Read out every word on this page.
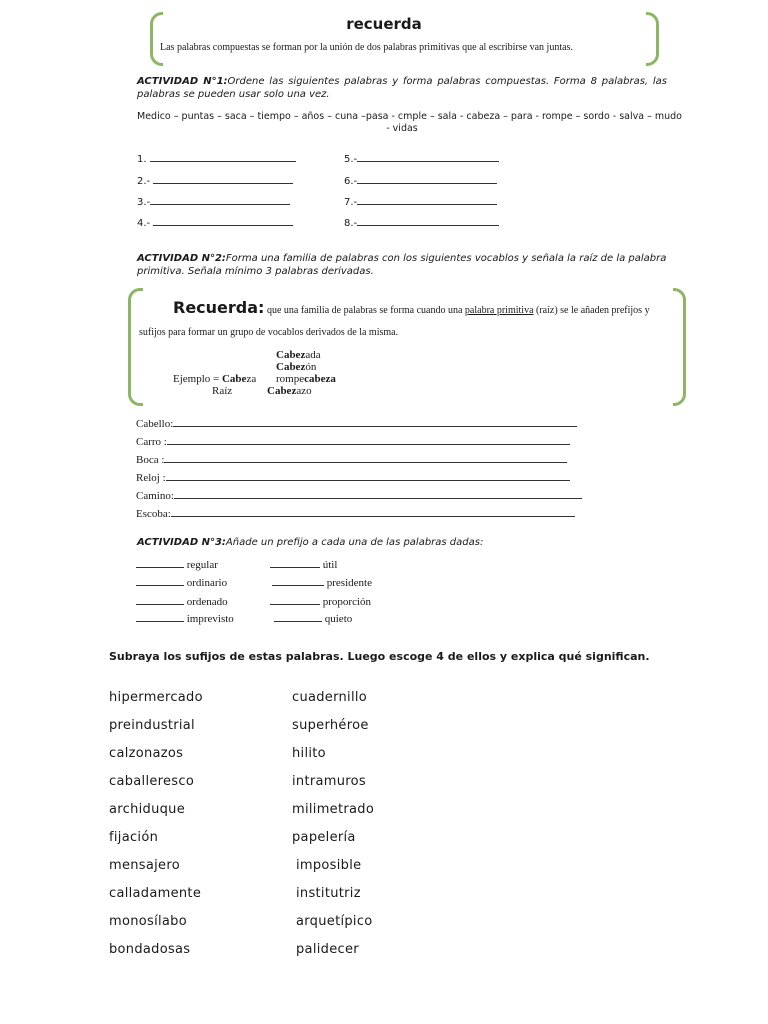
recuerda
Las palabras compuestas se forman por la unión de dos palabras primitivas que al escribirse van juntas.
ACTIVIDAD N°1:Ordene las siguientes palabras y forma palabras compuestas. Forma 8 palabras, las palabras se pueden usar solo una vez.
Medico – puntas – saca – tiempo – años – cuna –pasa - cmple – sala - cabeza – para - rompe – sordo - salva – mudo
- vidas
1.
2.-
3.-
4.-
5.-
6.-
7.-
8.-
ACTIVIDAD N°2:Forma una familia de palabras con los siguientes vocablos y señala la raíz de la palabra primitiva. Señala mínimo 3 palabras derivadas.
Recuerda: que una familia de palabras se forma cuando una palabra primitiva (raíz) se le añaden prefijos y
sufijos para formar un grupo de vocablos derivados de la misma.
Cabezada
Cabezón
Ejemplo = Cabeza rompecabeza
Raíz	Cabezazo
Cabello:
Carro :
Boca :
Reloj :
Camino:
Escoba:
ACTIVIDAD N°3:Añade un prefijo a cada una de las palabras dadas:
regular
ordinario
ordenado
imprevisto
útil
presidente
proporción
quieto
Subraya los sufijos de estas palabras. Luego escoge 4 de ellos y explica qué significan.
hipermercado
preindustrial
calzonazos
caballeresco
archiduque
fijación
mensajero
calladamente
monosílabo
bondadosas
cuadernillo
superhéroe
hilito
intramuros
milimetrado
papelería
imposible
institutriz
arquetípico
palidecer
